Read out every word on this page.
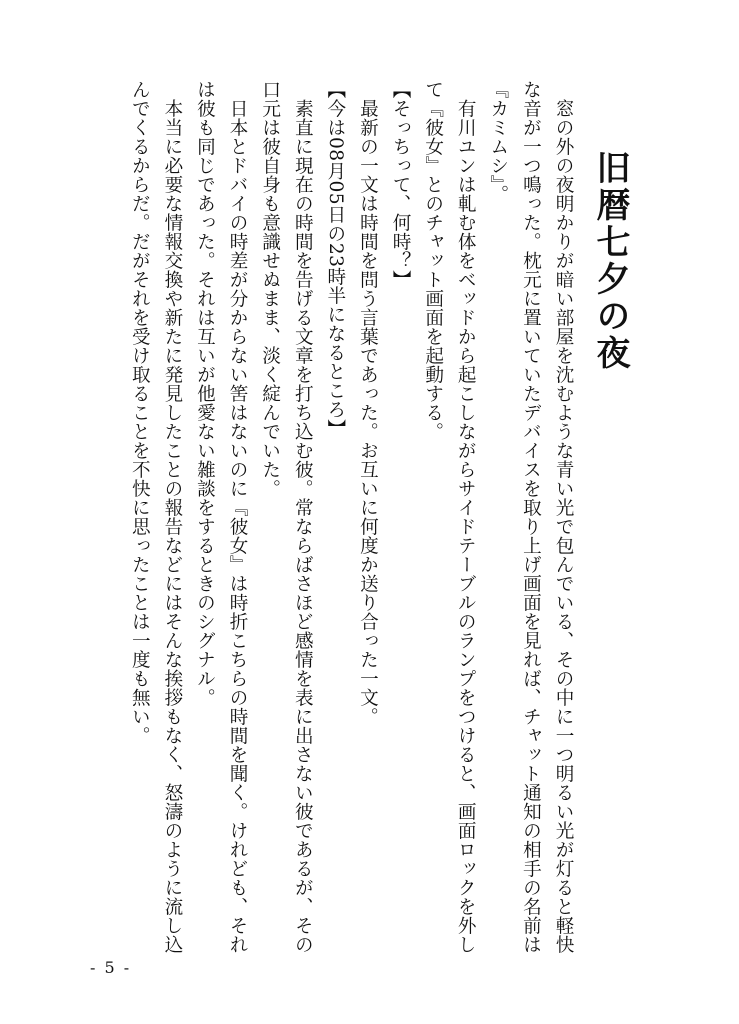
旧暦七夕の夜

窓の外の夜明かりが暗い部屋を沈むような青い光で包んでいる、その中に一つ明るい光が灯ると軽快な音が一つ鳴った。枕元に置いていたデバイスを取り上げ画面を見れば、チャット通知の相手の名前は『カミムシ』。

有川ユンは軋む体をベッドから起こしながらサイドテーブルのランプをつけると、画面ロックを外して『彼女』とのチャット画面を起動する。

【そっちって、何時？】

最新の一文は時間を問う言葉であった。お互いに何度か送り合った一文。

【今は08月05日の23時半になるところ】

素直に現在の時間を告げる文章を打ち込む彼。常ならばさほど感情を表に出さない彼であるが、その口元は彼自身も意識せぬまま、淡く綻んでいた。

日本とドバイの時差が分からない筈はないのに『彼女』は時折こちらの時間を聞く。けれども、それは彼も同じであった。それは互いが他愛ない雑談をするときのシグナル。

本当に必要な情報交換や新たに発見したことの報告などにはそんな挨拶もなく、怒濤のように流し込んでくるからだ。だがそれを受け取ることを不快に思ったことは一度も無い。

- 5 -
